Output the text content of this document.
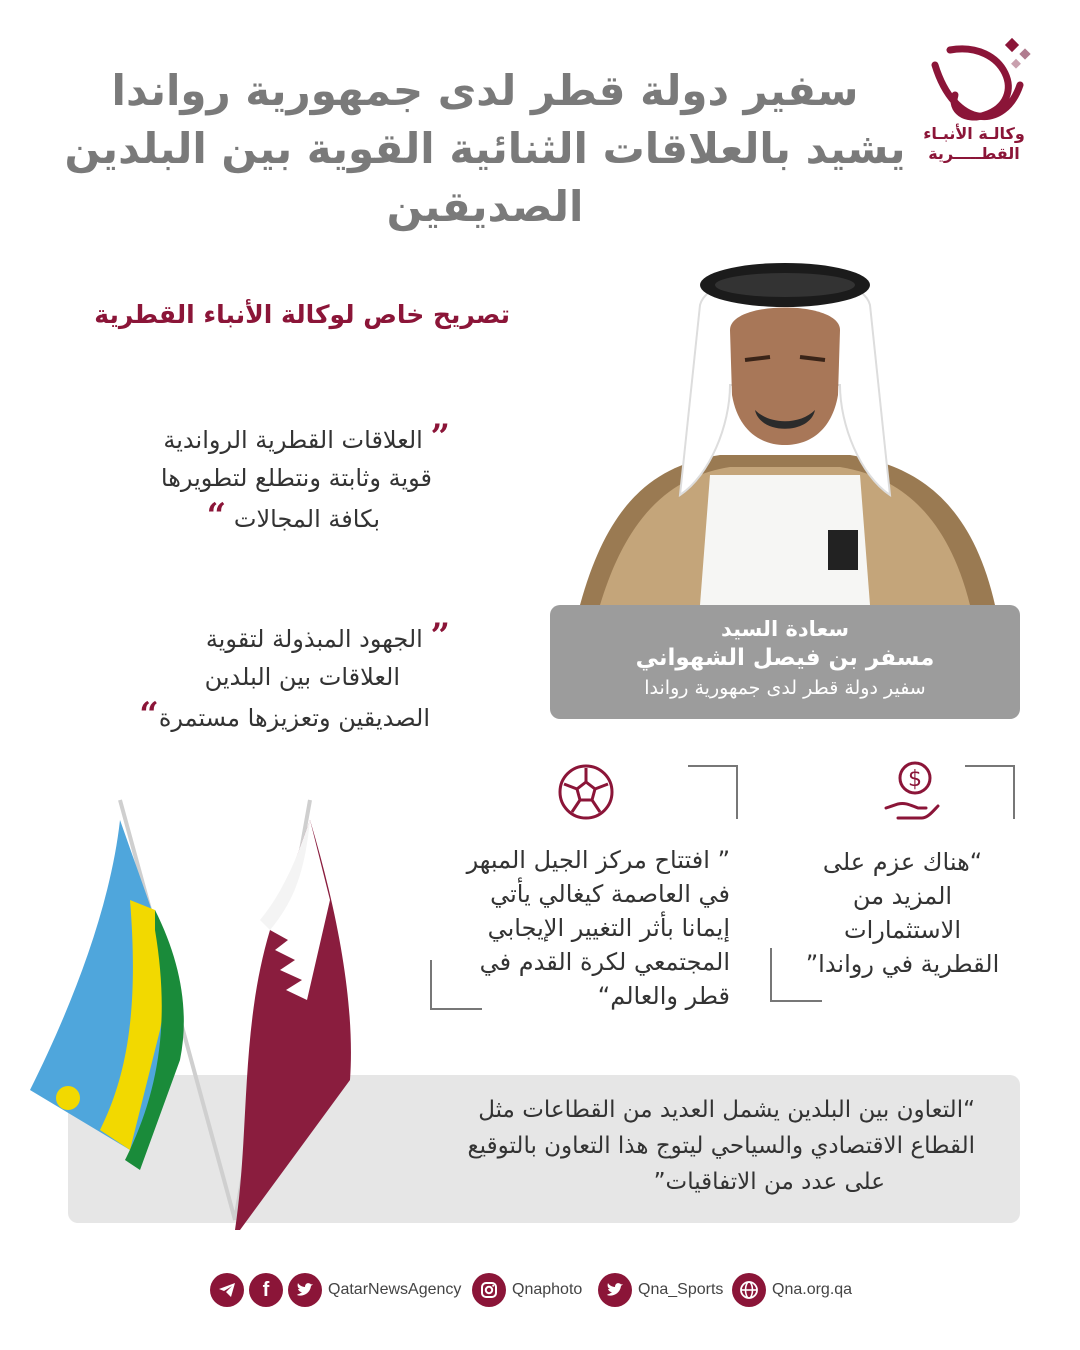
سفير دولة قطر لدى جمهورية رواندا يشيد بالعلاقات الثنائية القوية بين البلدين الصديقين
وكالـة الأنبـاء
القطـــــرية
تصريح خاص لوكالة الأنباء القطرية
” العلاقات القطرية الرواندية
قوية وثابتة ونتطلع لتطويرها
بكافة المجالات “
” الجهود المبذولة لتقوية
العلاقات بين البلدين
الصديقين وتعزيزها مستمرة“
سعادة السيد
مسفر بن فيصل الشهواني
سفير دولة قطر لدى جمهورية رواندا
$
“هناك عزم على
المزيد من
الاستثمارات
القطرية في رواندا”
” افتتاح مركز الجيل المبهر
في العاصمة كيغالي يأتي
إيمانا بأثر التغيير الإيجابي
المجتمعي لكرة القدم في
قطر والعالم“
“التعاون بين البلدين يشمل العديد من القطاعات مثل
القطاع الاقتصادي والسياحي ليتوج هذا التعاون بالتوقيع
على عدد من الاتفاقيات”
f	QatarNewsAgency	Qnaphoto	Qna_Sports	Qna.org.qa
